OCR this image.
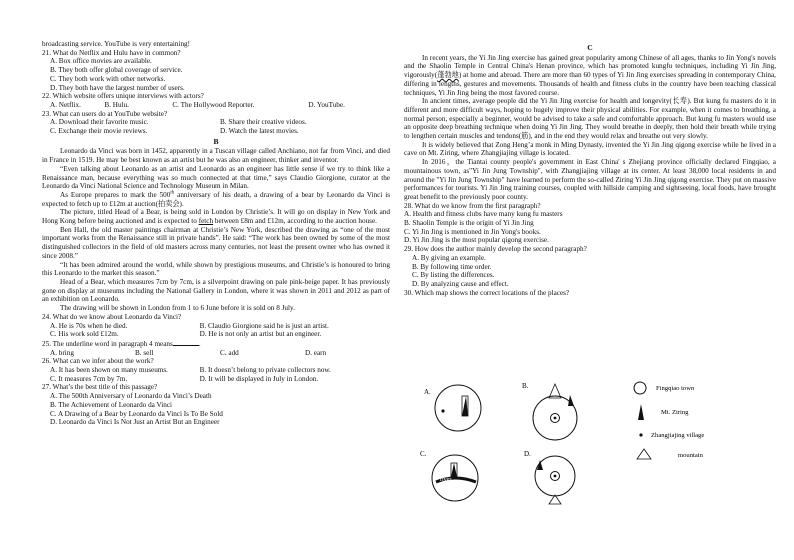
broadcasting service. YouTube is very entertaining!
21. What do Netflix and Hulu have in common?
A. Box office movies are available.
B. They both offer global coverage of service.
C. They both work with other networks.
D. They both have the largest number of users.
22. Which website offers unique interviews with actors?
A. Netflix.	B. Hulu.	C. The Hollywood Reporter.	D. YouTube.
23. What can users do at YouTube website?
A. Download their favorite music.	B. Share their creative videos.
C. Exchange their movie reviews.	D. Watch the latest movies.
B

Leonardo da Vinci was born in 1452, apparently in a Tuscan village called Anchiano, not far from Vinci, and died in France in 1519. He may be best known as an artist but he was also an engineer, thinker and inventor.

“Even talking about Leonardo as an artist and Leonardo as an engineer has little sense if we try to think like a Renaissance man, because everything was so much connected at that time,” says Claudio Giorgione, curator at the Leonardo da Vinci National Science and Technology Museum in Milan.

As Europe prepares to mark the 500th anniversary of his death, a drawing of a bear by Leonardo da Vinci is expected to fetch up to £12m at auction(拍卖会).

The picture, titled Head of a Bear, is being sold in London by Christie’s. It will go on display in New York and Hong Kong before being auctioned and is expected to fetch between £8m and £12m, according to the auction house.

Ben Hall, the old master paintings chairman at Christie’s New York, described the drawing as “one of the most important works from the Renaissance still in private hands”. He said: “The work has been owned by some of the most distinguished collectors in the field of old masters across many centuries, not least the present owner who has owned it since 2008.”

“It has been admired around the world, while shown by prestigious museums, and Christie’s is honoured to bring this Leonardo to the market this season.”

Head of a Bear, which measures 7cm by 7cm, is a silverpoint drawing on pale pink-beige paper. It has previously gone on display at museums including the National Gallery in London, where it was shown in 2011 and 2012 as part of an exhibition on Leonardo.

The drawing will be shown in London from 1 to 6 June before it is sold on 8 July.

24. What do we know about Leonardo da Vinci?
A. He is 70s when he died.	B. Claudio Giorgione said he is just an artist.
C. His work sold £12m.	D. He is not only an artist but an engineer.
25. The underline word in paragraph 4 means	.
A. bring	B. sell	C. add	D. earn
26. What can we infer about the work?
A. It has been shown on many museums.	B. It doesn’t belong to private collectors now.
C. It measures 7cm by 7m.	D. It will be displayed in July in London.
27. What’s the best title of this passage?
A. The 500th Anniversary of Leonardo da Vinci’s Death
B. The Achievement of Leonardo da Vinci
C. A Drawing of a Bear by Leonardo da Vinci Is To Be Sold
D. Leonardo da Vinci Is Not Just an Artist But an Engineer
C

In recent years, the Yi Jin Jing exercise has gained great popularity among Chinese of all ages, thanks to Jin Yong's novels and the Shaolin Temple in Central China's Henan province, which has promoted kungfu techniques, including Yi Jin Jing, vigorously(蓬勃地) at home and abroad. There are more than 60 types of Yi Jin Jing exercises spreading in contemporary China, differing in lengths, gestures and movements. Thousands of health and fitness clubs in the country have been teaching classical techniques, Yi Jin Jing being the most favored course.

In ancient times, average people did the Yi Jin Jing exercise for health and longevity(长寿). But kung fu masters do it in different and more difficult ways, hoping to hugely improve their physical abilities. For example, when it comes to breathing, a normal person, especially a beginner, would be advised to take a safe and comfortable approach. But kung fu masters would use an opposite deep breathing technique when doing Yi Jin Jing. They would breathe in deeply, then hold their breath while trying to lengthen certain muscles and tendons(筋), and in the end they would relax and breathe out very slowly.

It is widely believed that Zong Heng’a monk in Ming Dynasty, invented the Yi Jin Jing qigong exercise while he lived in a cave on Mt. Ziring, where Zhangjiajing village is located.

In 2016，the Tiantai county people's government in East China' s Zhejiang province officially declared Fingqiao, a mountainous town, as"Yi Jin Jung Township", with Zhangjiajing village at its center. At least 38,000 local residents in and around the "Yi Jin Jung Township" have learned to perform the so-called Ziring Yi Jin Jing qigong exercise. They put on massive performances for tourists. Yi Jin Jing training courses, coupled with hillside camping and sightseeing, local foods, have brought great benefit to the previously poor county.

28. What do we know from the first paragraph?
A. Health and fitness clubs have many kung fu masters
B. Shaolin Temple is the origin of Yi Jin Jing
C. Yi Jin Jing is mentioned in Jin Yong's books.
D. Yi Jin Jing is the most popular qigong exercise.
29. How does the author mainly develop the second paragraph?
A. By giving an example.
B. By following time order.
C. By listing the differences.
D. By analyzing cause and effect.
30. Which map shows the correct locations of the places?
A.
B.
C.
river
D.
Fingqiao town
Mt. Ziring
Zhangjiajing village
mountain
